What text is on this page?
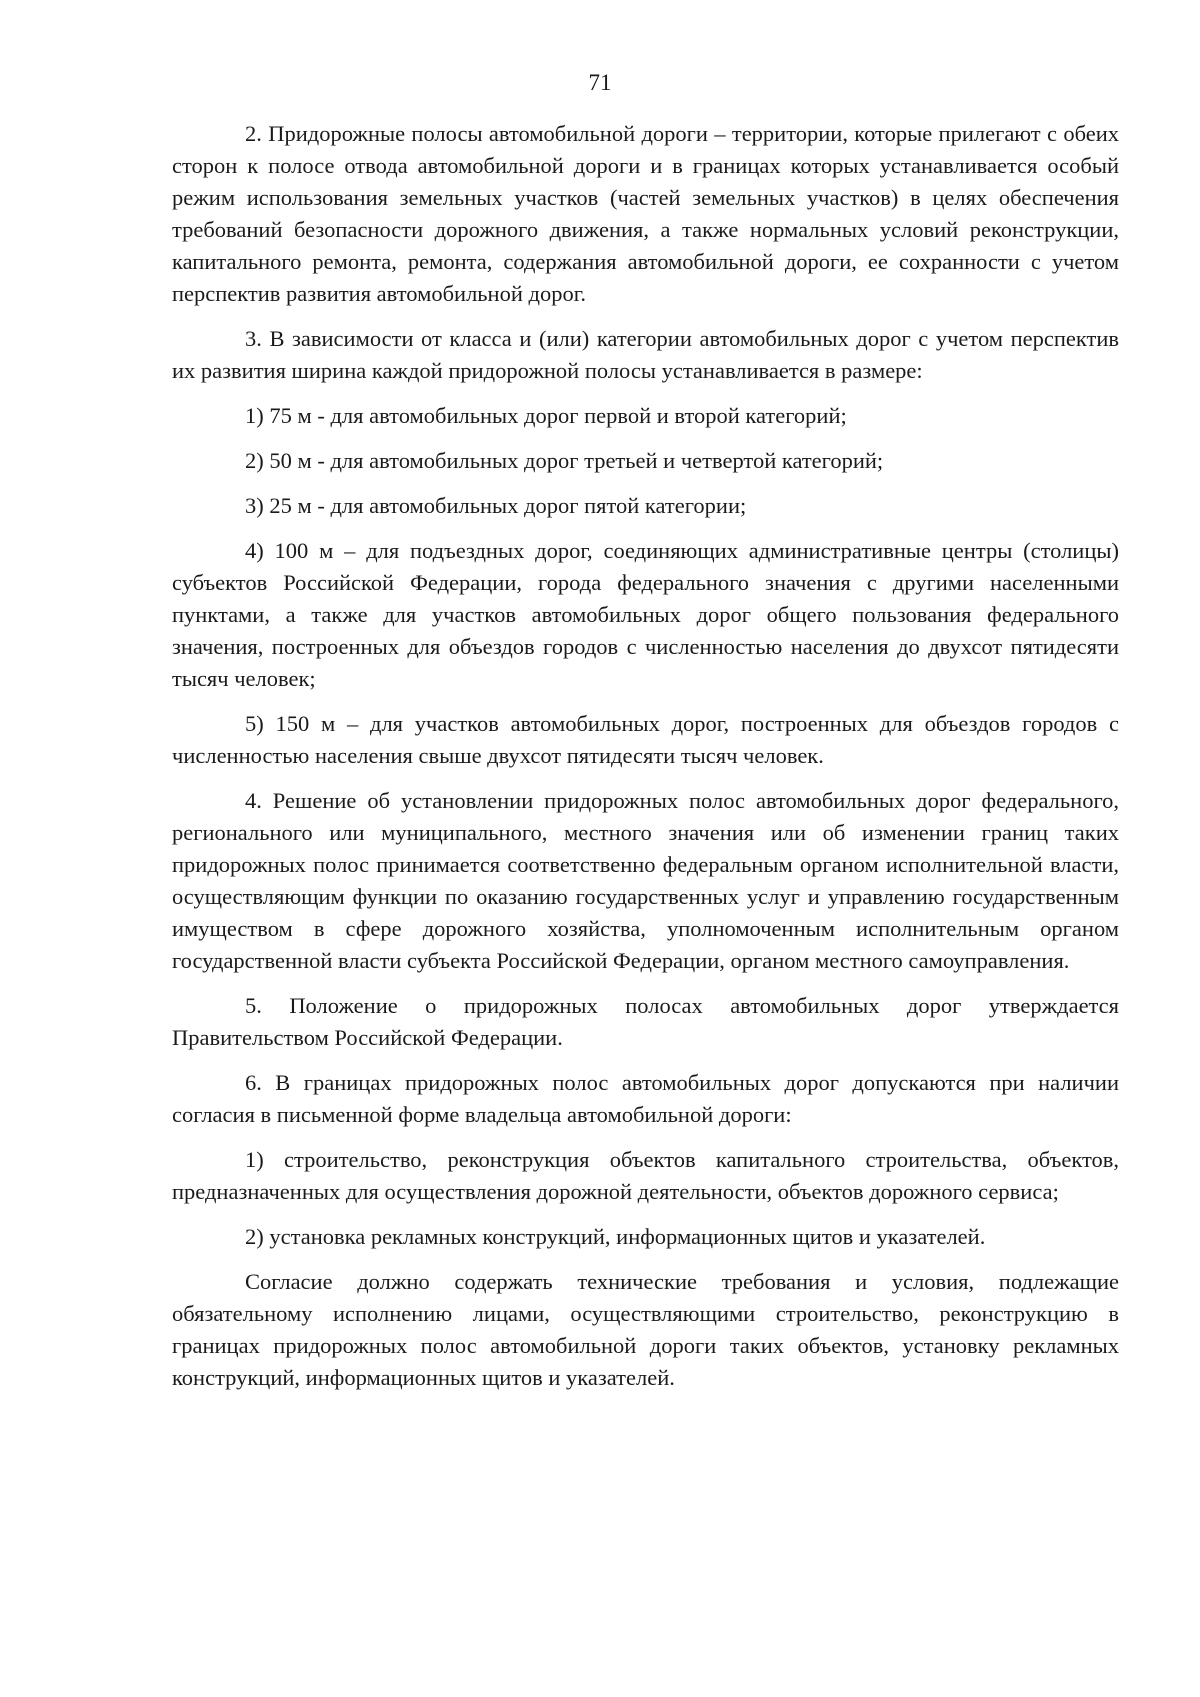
71

2. Придорожные полосы автомобильной дороги – территории, которые прилегают с обеих сторон к полосе отвода автомобильной дороги и в границах которых устанавливается особый режим использования земельных участков (частей земельных участков) в целях обеспечения требований безопасности дорожного движения, а также нормальных условий реконструкции, капитального ремонта, ремонта, содержания автомобильной дороги, ее сохранности с учетом перспектив развития автомобильной дорог.

3. В зависимости от класса и (или) категории автомобильных дорог с учетом перспектив их развития ширина каждой придорожной полосы устанавливается в размере:

1) 75 м - для автомобильных дорог первой и второй категорий;

2) 50 м - для автомобильных дорог третьей и четвертой категорий;

3) 25 м - для автомобильных дорог пятой категории;

4) 100 м – для подъездных дорог, соединяющих административные центры (столицы) субъектов Российской Федерации, города федерального значения с другими населенными пунктами, а также для участков автомобильных дорог общего пользования федерального значения, построенных для объездов городов с численностью населения до двухсот пятидесяти тысяч человек;

5) 150 м – для участков автомобильных дорог, построенных для объездов городов с численностью населения свыше двухсот пятидесяти тысяч человек.

4. Решение об установлении придорожных полос автомобильных дорог федерального, регионального или муниципального, местного значения или об изменении границ таких придорожных полос принимается соответственно федеральным органом исполнительной власти, осуществляющим функции по оказанию государственных услуг и управлению государственным имуществом в сфере дорожного хозяйства, уполномоченным исполнительным органом государственной власти субъекта Российской Федерации, органом местного самоуправления.

5. Положение о придорожных полосах автомобильных дорог утверждается Правительством Российской Федерации.

6. В границах придорожных полос автомобильных дорог допускаются при наличии согласия в письменной форме владельца автомобильной дороги:

1) строительство, реконструкция объектов капитального строительства, объектов, предназначенных для осуществления дорожной деятельности, объектов дорожного сервиса;

2) установка рекламных конструкций, информационных щитов и указателей.

Согласие должно содержать технические требования и условия, подлежащие обязательному исполнению лицами, осуществляющими строительство, реконструкцию в границах придорожных полос автомобильной дороги таких объектов, установку рекламных конструкций, информационных щитов и указателей.
